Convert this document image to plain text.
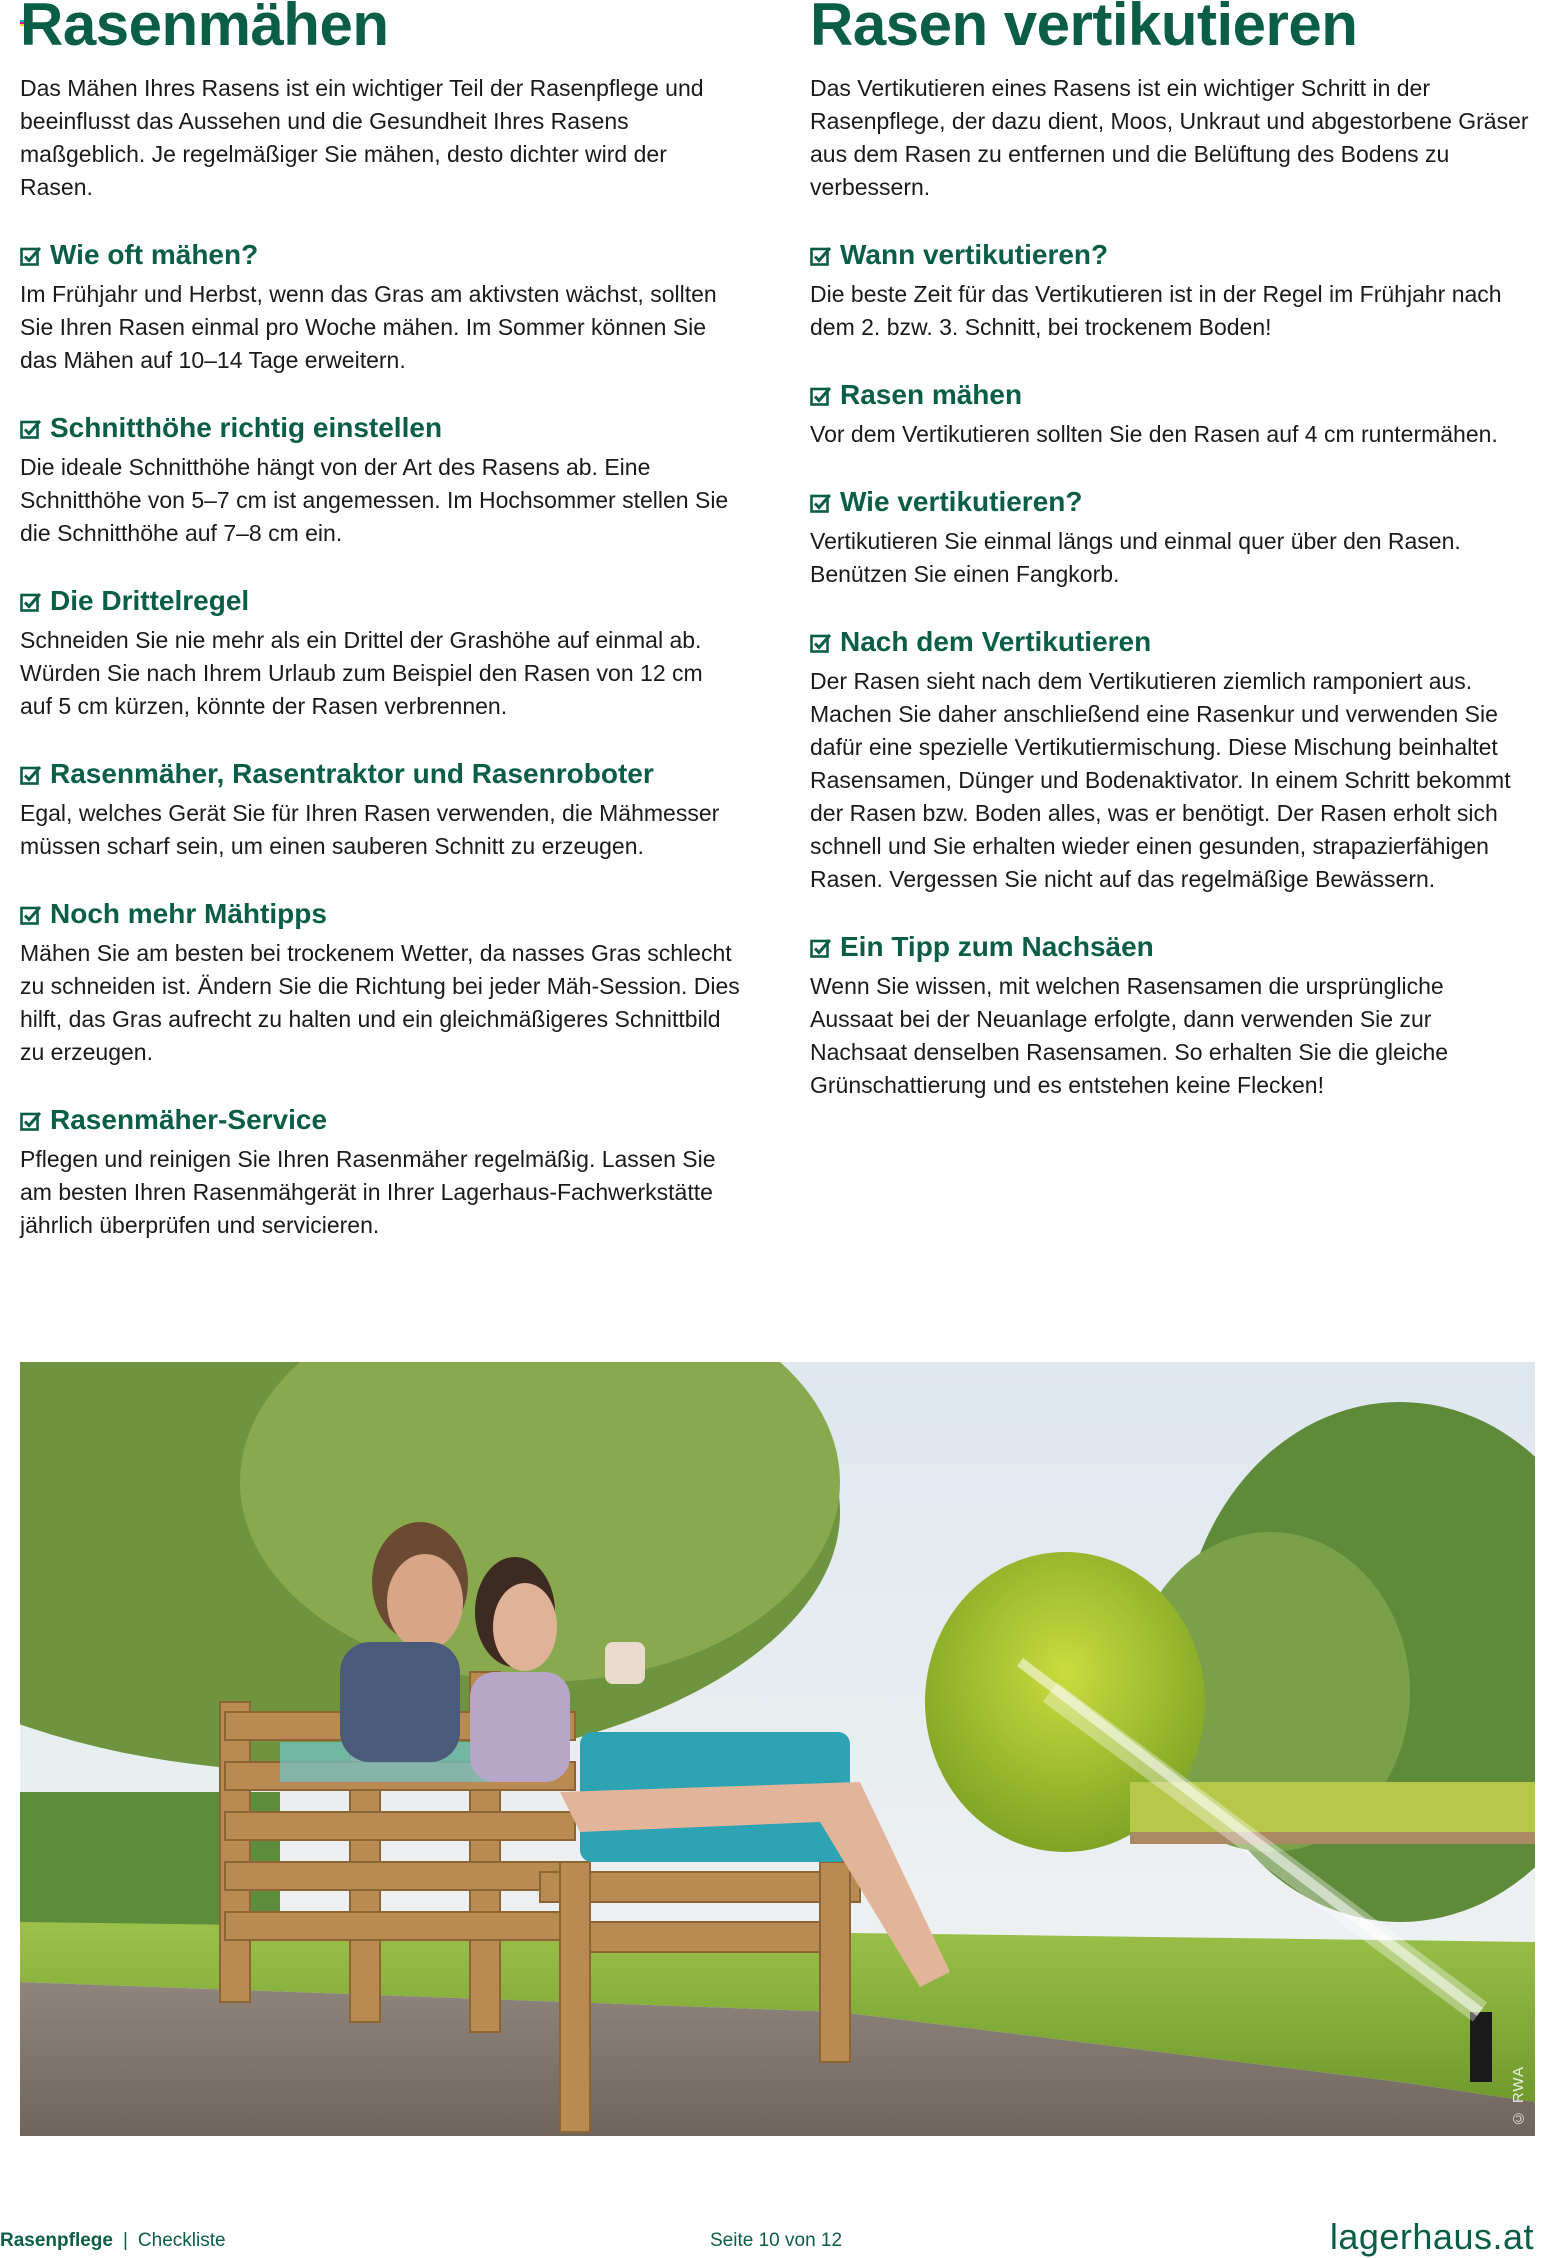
Rasenmähen

Das Mähen Ihres Rasens ist ein wichtiger Teil der Rasenpflege und beeinflusst das Aussehen und die Gesundheit Ihres Rasens maßgeblich. Je regelmäßiger Sie mähen, desto dichter wird der Rasen.

Wie oft mähen?
Im Frühjahr und Herbst, wenn das Gras am aktivsten wächst, sollten Sie Ihren Rasen einmal pro Woche mähen. Im Sommer können Sie das Mähen auf 10–14 Tage erweitern.
Schnitthöhe richtig einstellen
Die ideale Schnitthöhe hängt von der Art des Rasens ab. Eine Schnitthöhe von 5–7 cm ist angemessen. Im Hochsommer stellen Sie die Schnitthöhe auf 7–8 cm ein.
Die Drittelregel
Schneiden Sie nie mehr als ein Drittel der Grashöhe auf einmal ab. Würden Sie nach Ihrem Urlaub zum Beispiel den Rasen von 12 cm auf 5 cm kürzen, könnte der Rasen verbrennen.
Rasenmäher, Rasentraktor und Rasenroboter
Egal, welches Gerät Sie für Ihren Rasen verwenden, die Mähmesser müssen scharf sein, um einen sauberen Schnitt zu erzeugen.
Noch mehr Mähtipps
Mähen Sie am besten bei trockenem Wetter, da nasses Gras schlecht zu schneiden ist. Ändern Sie die Richtung bei jeder Mäh-Session. Dies hilft, das Gras aufrecht zu halten und ein gleichmäßigeres Schnittbild zu erzeugen.
Rasenmäher-Service
Pflegen und reinigen Sie Ihren Rasenmäher regelmäßig. Lassen Sie am besten Ihren Rasenmähgerät in Ihrer Lagerhaus-Fachwerkstätte jährlich überprüfen und servicieren.
Rasen vertikutieren

Das Vertikutieren eines Rasens ist ein wichtiger Schritt in der Rasenpflege, der dazu dient, Moos, Unkraut und abgestorbene Gräser aus dem Rasen zu entfernen und die Belüftung des Bodens zu verbessern.

Wann vertikutieren?
Die beste Zeit für das Vertikutieren ist in der Regel im Frühjahr nach dem 2. bzw. 3. Schnitt, bei trockenem Boden!
Rasen mähen
Vor dem Vertikutieren sollten Sie den Rasen auf 4 cm runtermähen.
Wie vertikutieren?
Vertikutieren Sie einmal längs und einmal quer über den Rasen. Benützen Sie einen Fangkorb.
Nach dem Vertikutieren
Der Rasen sieht nach dem Vertikutieren ziemlich ramponiert aus. Machen Sie daher anschließend eine Rasenkur und verwenden Sie dafür eine spezielle Vertikutiermischung. Diese Mischung beinhaltet Rasensamen, Dünger und Bodenaktivator. In einem Schritt bekommt der Rasen bzw. Boden alles, was er benötigt. Der Rasen erholt sich schnell und Sie erhalten wieder einen gesunden, strapazierfähigen Rasen. Vergessen Sie nicht auf das regelmäßige Bewässern.
Ein Tipp zum Nachsäen
Wenn Sie wissen, mit welchen Rasensamen die ursprüngliche Aussaat bei der Neuanlage erfolgte, dann verwenden Sie zur Nachsaat denselben Rasensamen. So erhalten Sie die gleiche Grünschattierung und es entstehen keine Flecken!
© RWA
Rasenpflege | Checkliste	Seite 10 von 12	lagerhaus.at
